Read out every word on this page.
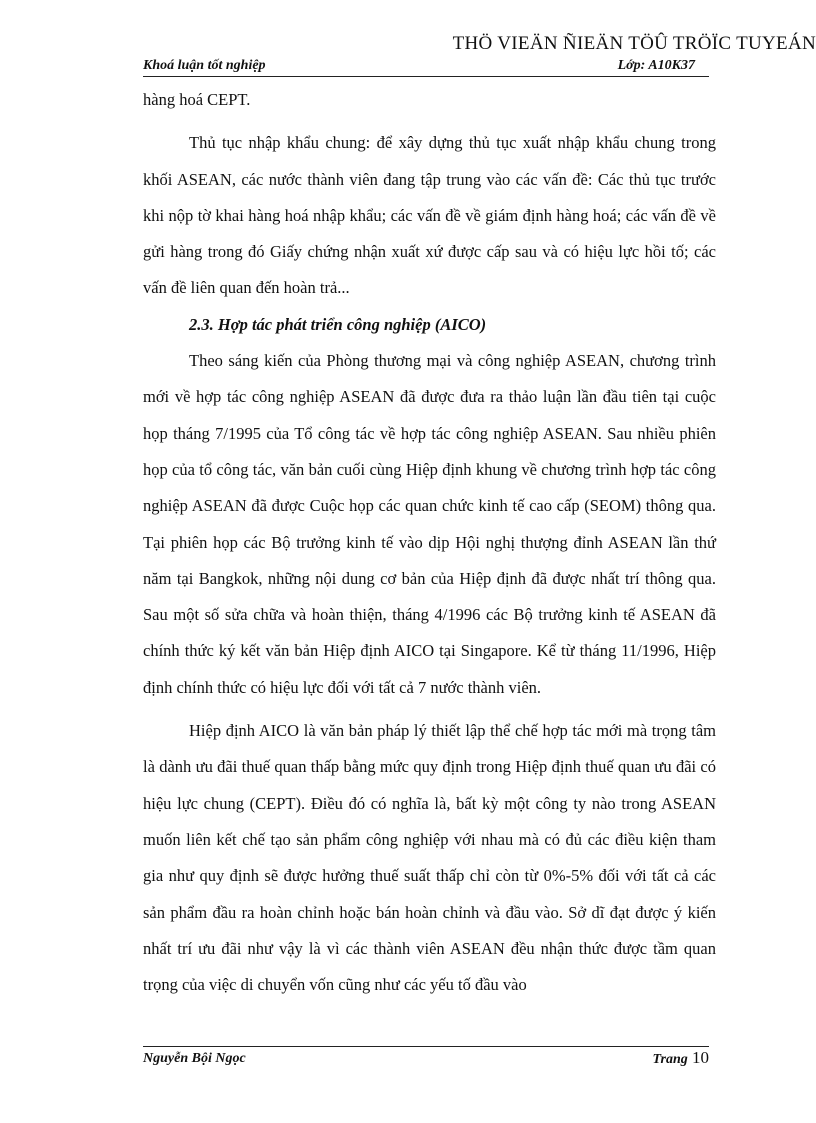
THÖ VIEÄN ÑIEÄN TÖÛ TRÖÏC TUYEÁN
Khoá luận tốt nghiệp	Lớp: A10K37

hàng hoá CEPT.

Thủ tục nhập khẩu chung: để xây dựng thủ tục xuất nhập khẩu chung trong khối ASEAN, các nước thành viên đang tập trung vào các vấn đề: Các thủ tục trước khi nộp tờ khai hàng hoá nhập khẩu; các vấn đề về giám định hàng hoá; các vấn đề về gửi hàng trong đó Giấy chứng nhận xuất xứ được cấp sau và có hiệu lực hồi tố; các vấn đề liên quan đến hoàn trả...

2.3. Hợp tác phát triển công nghiệp (AICO)

Theo sáng kiến của Phòng thương mại và công nghiệp ASEAN, chương trình mới về hợp tác công nghiệp ASEAN đã được đưa ra thảo luận lần đầu tiên tại cuộc họp tháng 7/1995 của Tổ công tác về hợp tác công nghiệp ASEAN. Sau nhiều phiên họp của tổ công tác, văn bản cuối cùng Hiệp định khung về chương trình hợp tác công nghiệp ASEAN đã được Cuộc họp các quan chức kinh tế cao cấp (SEOM) thông qua. Tại phiên họp các Bộ trưởng kinh tế vào dịp Hội nghị thượng đỉnh ASEAN lần thứ năm tại Bangkok, những nội dung cơ bản của Hiệp định đã được nhất trí thông qua. Sau một số sửa chữa và hoàn thiện, tháng 4/1996 các Bộ trưởng kinh tế ASEAN đã chính thức ký kết văn bản Hiệp định AICO tại Singapore. Kể từ tháng 11/1996, Hiệp định chính thức có hiệu lực đối với tất cả 7 nước thành viên.

Hiệp định AICO là văn bản pháp lý thiết lập thể chế hợp tác mới mà trọng tâm là dành ưu đãi thuế quan thấp bằng mức quy định trong Hiệp định thuế quan ưu đãi có hiệu lực chung (CEPT). Điều đó có nghĩa là, bất kỳ một công ty nào trong ASEAN muốn liên kết chế tạo sản phẩm công nghiệp với nhau mà có đủ các điều kiện tham gia như quy định sẽ được hưởng thuế suất thấp chỉ còn từ 0%-5% đối với tất cả các sản phẩm đầu ra hoàn chỉnh hoặc bán hoàn chỉnh và đầu vào. Sở dĩ đạt được ý kiến nhất trí ưu đãi như vậy là vì các thành viên ASEAN đều nhận thức được tầm quan trọng của việc di chuyển vốn cũng như các yếu tố đầu vào

Nguyễn Bội Ngọc	Trang 10
